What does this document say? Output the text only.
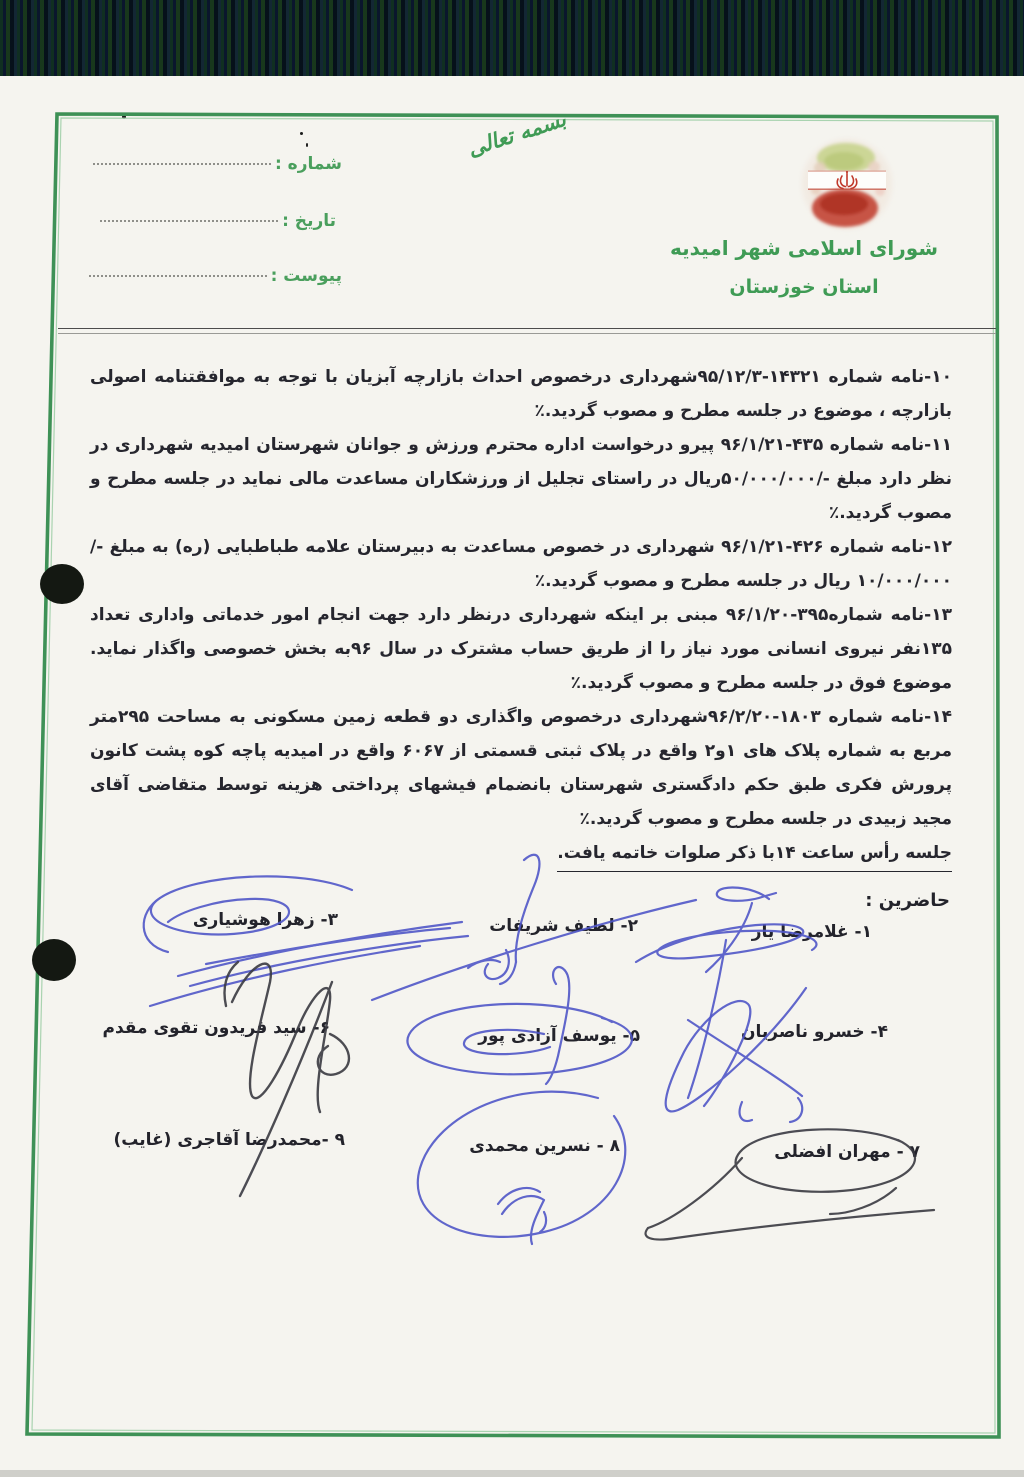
بسمه تعالی
شماره :
تاریخ :
پیوست :
شورای اسلامی شهر امیدیه
استان خوزستان

۱۰-نامه شماره ۱۴۳۲۱-۹۵/۱۲/۳شهرداری درخصوص احداث بازارچه آبزیان با توجه به موافقتنامه اصولی بازارچه ، موضوع در جلسه مطرح و مصوب گردید.٪

۱۱-نامه شماره ۴۳۵-۹۶/۱/۲۱ پیرو درخواست اداره محترم ورزش و جوانان شهرستان امیدیه شهرداری در نظر دارد مبلغ -/۵۰/۰۰۰/۰۰۰ریال در راستای تجلیل از ورزشکاران مساعدت مالی نماید در جلسه مطرح و مصوب گردید.٪

۱۲-نامه شماره ۴۲۶-۹۶/۱/۲۱ شهرداری در خصوص مساعدت به دبیرستان علامه طباطبایی (ره) به مبلغ -/۱۰/۰۰۰/۰۰۰ ریال در جلسه مطرح و مصوب گردید.٪

۱۳-نامه شماره۳۹۵-۹۶/۱/۲۰ مبنی بر اینکه شهرداری درنظر دارد جهت انجام امور خدماتی واداری تعداد ۱۳۵نفر نیروی انسانی مورد نیاز را از طریق حساب مشترک در سال ۹۶به بخش خصوصی واگذار نماید. موضوع فوق در جلسه مطرح و مصوب گردید.٪

۱۴-نامه شماره ۱۸۰۳-۹۶/۲/۲۰شهرداری درخصوص واگذاری دو قطعه زمین مسکونی به مساحت ۲۹۵متر مربع به شماره پلاک های ۱و۲ واقع در پلاک ثبتی قسمتی از ۶۰۶۷ واقع در امیدیه پاچه کوه پشت کانون پرورش فکری طبق حکم دادگستری شهرستان بانضمام فیشهای پرداختی هزینه توسط متقاضی آقای مجید زبیدی در جلسه مطرح و مصوب گردید.٪

جلسه رأس ساعت ۱۴با ذکر صلوات خاتمه یافت.

حاضرین :
۱- غلامرضا یار
۲- لطیف شریفات
۳- زهرا هوشیاری
۴- خسرو ناصریان
۵- یوسف آزادی پور
۶- سید فریدون تقوی مقدم
۷ - مهران افضلی
۸ - نسرین محمدی
۹ -محمدرضا آقاجری (غایب)
